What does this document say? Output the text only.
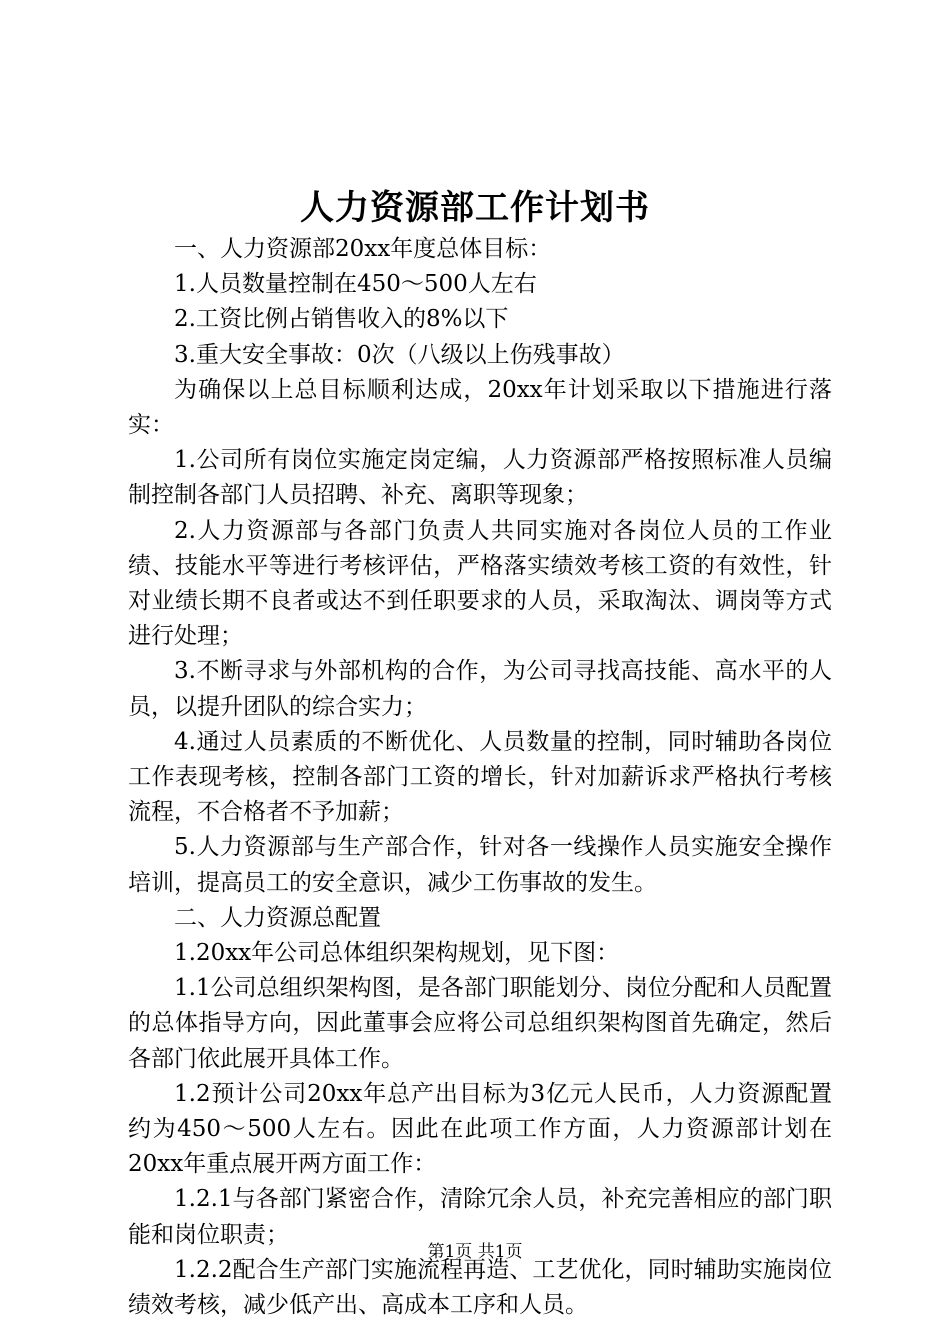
人力资源部工作计划书

一、人力资源部20xx年度总体目标：

1.人员数量控制在450～500人左右

2.工资比例占销售收入的8%以下

3.重大安全事故：0次（八级以上伤残事故）

为确保以上总目标顺利达成，20xx年计划采取以下措施进行落实：

1.公司所有岗位实施定岗定编，人力资源部严格按照标准人员编制控制各部门人员招聘、补充、离职等现象；

2.人力资源部与各部门负责人共同实施对各岗位人员的工作业绩、技能水平等进行考核评估，严格落实绩效考核工资的有效性，针对业绩长期不良者或达不到任职要求的人员，采取淘汰、调岗等方式进行处理；

3.不断寻求与外部机构的合作，为公司寻找高技能、高水平的人员，以提升团队的综合实力；

4.通过人员素质的不断优化、人员数量的控制，同时辅助各岗位工作表现考核，控制各部门工资的增长，针对加薪诉求严格执行考核流程，不合格者不予加薪；

5.人力资源部与生产部合作，针对各一线操作人员实施安全操作培训，提高员工的安全意识，减少工伤事故的发生。

二、人力资源总配置

1.20xx年公司总体组织架构规划，见下图：

1.1公司总组织架构图，是各部门职能划分、岗位分配和人员配置的总体指导方向，因此董事会应将公司总组织架构图首先确定，然后各部门依此展开具体工作。

1.2预计公司20xx年总产出目标为3亿元人民币，人力资源配置约为450～500人左右。因此在此项工作方面，人力资源部计划在20xx年重点展开两方面工作：

1.2.1与各部门紧密合作，清除冗余人员，补充完善相应的部门职能和岗位职责；

1.2.2配合生产部门实施流程再造、工艺优化，同时辅助实施岗位绩效考核，减少低产出、高成本工序和人员。

第1页 共1页
